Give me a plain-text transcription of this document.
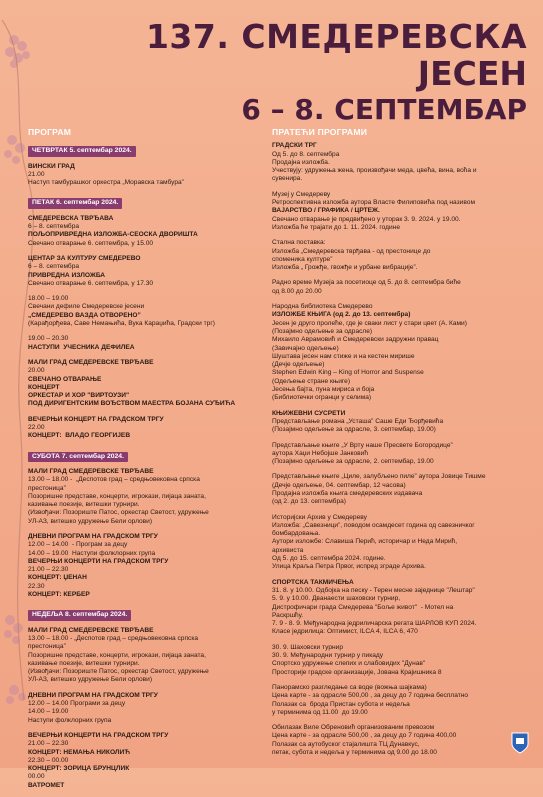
137. СМЕДЕРЕВСКА
ЈЕСЕН
6 – 8. СЕПТЕМБАР
ПРОГРАМ
ЧЕТВРТАК 5. септембар 2024.
ВИНСКИ ГРАД
21.00
Наступ тамбурашког оркестра „Моравска тамбура”
ПЕТАК 6. септембар 2024.
СМЕДЕРЕВСКА ТВРЂАВА
6 – 8. септембра
ПОЉОПРИВРЕДНА ИЗЛОЖБА-СЕОСКА ДВОРИШТА
Свечано отварање 6. септембра, у 15.00
ЦЕНТАР ЗА КУЛТУРУ СМЕДЕРЕВО
6 – 8. септембра
ПРИВРЕДНА ИЗЛОЖБА
Свечано отварање 6. септембра, у 17.30
18.00 – 19.00
Свечани дефиле Смедеревске јесени
„СМЕДЕРЕВО ВАЗДА ОТВОРЕНО”
(Карађорђева, Саве Немањића, Вука Караџића, Градски трг)
19.00 – 20.30
НАСТУПИ  УЧЕСНИКА ДЕФИЛЕА
МАЛИ ГРАД СМЕДЕРЕВСКЕ ТВРЂАВЕ
20.00
СВЕЧАНО ОТВАРАЊЕ
КОНЦЕРТ
ОРКЕСТАР И ХОР "ВИРТОУЗИ"
ПОД ДИРИГЕНТСКИМ ВОЂСТВОМ МАЕСТРА БОЈАНА СУЂИЋА
ВЕЧЕРЊИ КОНЦЕРТ НА ГРАДСКОМ ТРГУ
22.00
КОНЦЕРТ:  ВЛАДО ГЕОРГИЈЕВ
СУБОТА 7. септембар 2024.
МАЛИ ГРАД СМЕДЕРЕВСКЕ ТВРЂАВЕ
13.00 – 18.00 -  „Деспотов град – средњовековна српска
престоница”
Позоришне представе, концерти, игрокази, пијаца заната,
казивање поезије, витешки турнири.
(Извођачи: Позориште Патос, оркестар Светост, удружење
УЛ-АЗ, витешко удружење Бели орлови)
ДНЕВНИ ПРОГРАМ НА ГРАДСКОМ ТРГУ
12.00 – 14.00  - Програм за децу
14.00 – 19.00  Наступи фолклорних група
ВЕЧЕРЊИ КОНЦЕРТИ НА ГРАДСКОМ ТРГУ
21.00 – 22.30
КОНЦЕРТ: ЏЕНАН
22.30
КОНЦЕРТ: КЕРБЕР
НЕДЕЉА 8. септембар 2024.
МАЛИ ГРАД СМЕДЕРЕВСКЕ ТВРЂАВЕ
13.00 – 18.00 - „Деспотов град – средњовековна српска
престоница”
Позоришне представе, концерти, игрокази, пијаца заната,
казивање поезије, витешки турнири.
(Извођачи: Позориште Патос, оркестар Светост, удружење
УЛ-АЗ, витешко удружење Бели орлови)
ДНЕВНИ ПРОГРАМ НА ГРАДСКОМ ТРГУ
12.00 – 14.00 Програми за децу
14.00 – 19.00
Наступи фолклорних група
ВЕЧЕРЊИ КОНЦЕРТИ НА ГРАДСКОМ ТРГУ
21.00 – 22.30
КОНЦЕРТ: НЕМАЊА НИКОЛИЋ
22.30 – 00.00
КОНЦЕРТ: ЗОРИЦА БРУНЦЛИК
00.00
ВАТРОМЕТ
ПРАТЕЋИ ПРОГРАМИ
ГРАДСКИ ТРГ
Од 5. до 8. септембра
Продајна изложба.
Учествују: удружења жена, произвођачи меда, цвећа, вина, воћа и
сувенира.
Музеј у Смедереву
Ретроспективна изложба аутора Власте Филиповића под називом
ВАЈАРСТВО / ГРАФИКА / ЦРТЕЖ.
Свечано отварање је предвиђено у уторак 3. 9. 2024. у 19.00.
Изложба ће трајати до 1. 11. 2024. године
Стална поставка:
Изложба „Смедеревска тврђава - од престонице до
споменика културе”
Изложба „ Грожђе, гвожђе и урбане вибрације”.
Радно време Музеја за посетиоце од 5. до 8. септембра биће
од 8.00 до 20.00
Народна библиотека Смедерево
ИЗЛОЖБЕ КЊИГА (од 2. до 13. септембра)
Јесен је друго пролеће, где је сваки лист у стари цвет (А. Ками)
(Позајмно одељење за одрасле)
Михаило Аврамовић и Смедеревски задружни правац
(Завичајно одељење)
Шуштава јесен нам стиже и на кестен мирише
(Дечје одељење)
Stephen Edwin King – King of Horror and Suspense
(Одељење стране књиге)
Јесења бајта, пуна мириса и боја
(Библиотечки огранци у селима)
КЊИЖЕВНИ СУСРЕТИ
Представљање романа „Усташа” Саше Еди Ђорђевића
(Позајмно одељење за одрасле, 3. септембар, 19.00)
Представљање књиге „У Врту наше Пресвете Богородице”
аутора Хаџи Небојше Јанковић
(Позајмно одељење за одрасле, 2. септембар, 19.00
Представљање књиге „Циле, залубљено пиле” аутора Јовице Тишме
(Дечје одељење, 04. септембар, 12 часова)
Продајна изложба књига смедеревских издавача
(од 2. до 13. септембра)
Историјски Архив у Смедереву
Изложба: „Савезници”, поводом осамдесет година од савезничког
бомбардовања.
Аутори изложбе: Славиша Перић, историчар и Неда Мирић,
архивиста
Од 5. до 15. септембра 2024. године.
Улица Краља Петра Првог, испред зграде Архива.
СПОРТСКА ТАКМИЧЕЊА
31. 8. у 10.00. Одбојка на песку - Терен месне заједнице "Лештар"
5. 9. у 10.00. Дванаести шаховски турнир,
Дистрофичари града Смедерева "Боље живот"  - Мотел на
Раскршћу.
7. 9 - 8. 9. Међународна једриличарска регата ШАРЛОВ КУП 2024.
Класе једрилица: Оптимист, ILCA 4, ILCA 6, 470
30. 9. Шаховски турнир
30. 9. Међународни турнир у пикаду
Спортско удружење слепих и слабовидих "Дунав"
Просторије градске организације, Јована Крајишника 8
Панорамско разгледање са воде (вожња шајкама)
Цена карте - за одрасле 500,00 , за децу до 7 година бесплатно
Полазак са  брода Пристан субота и недеља
у терминима од 11.00  до 19.00
Обилазак Виле Обреновић организованим превозом
Цена карте - за одрасле 500,00 , за децу до 7 година 400,00
Полазак са аутобуског стајалиштa ТЦ Дунавкус,
петак, субота и недеља у терминима од 9.00 до 18.00
